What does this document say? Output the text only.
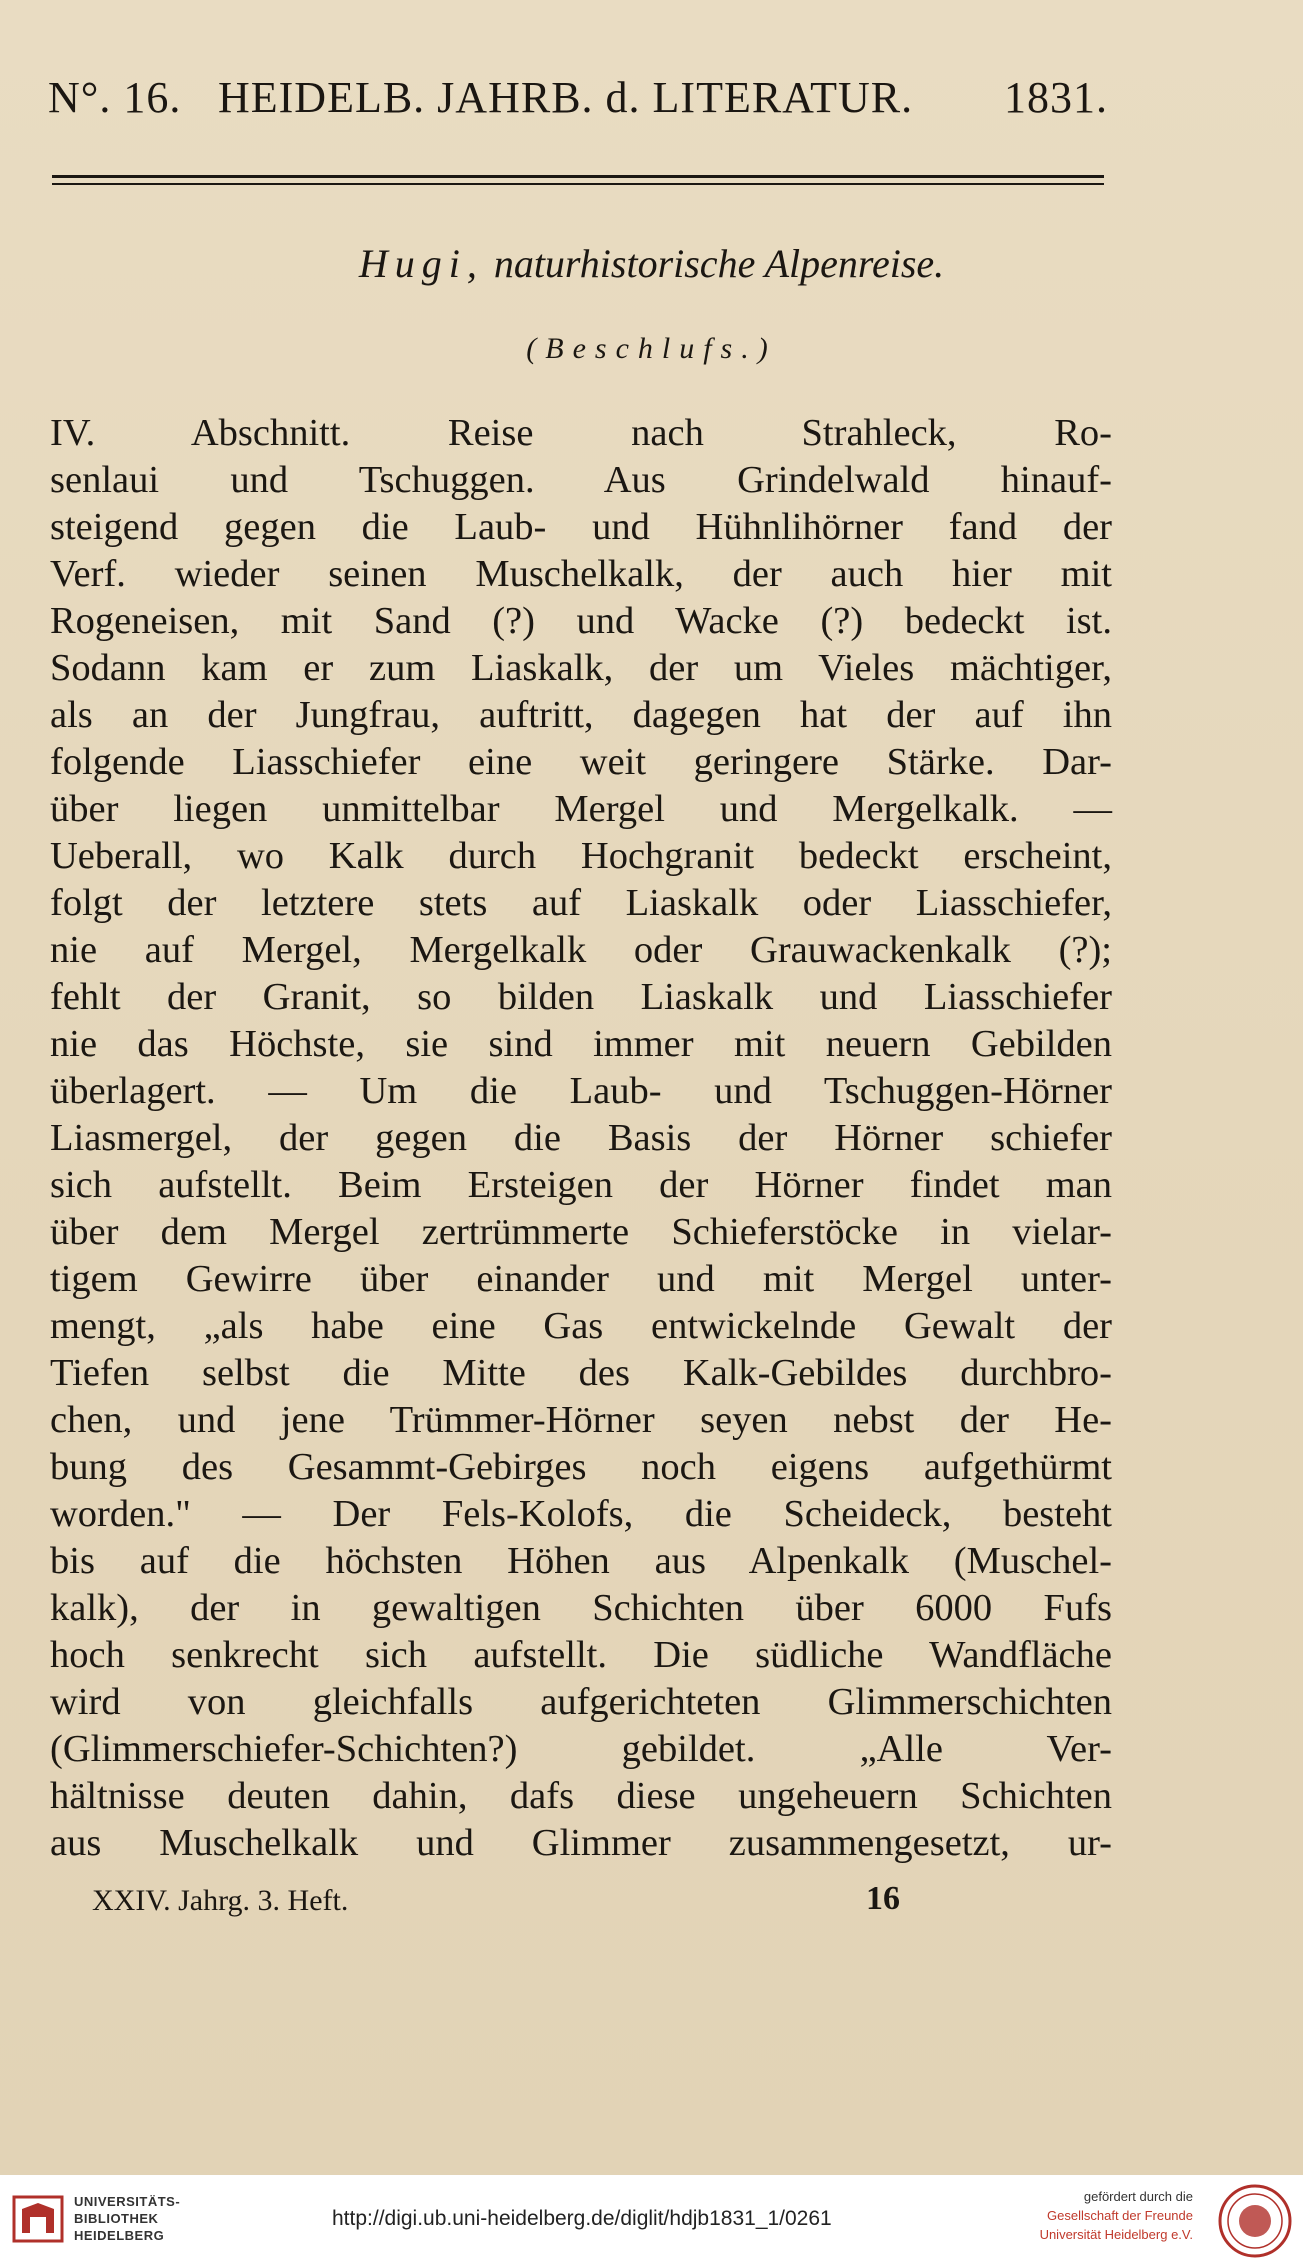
N°. 16. HEIDELB. JAHRB. d. LITERATUR. 1831.
Hugi, naturhistorische Alpenreise.
(Beschlufs.)
IV. Abschnitt. Reise nach Strahleck, Ro-
senlaui und Tschuggen. Aus Grindelwald hinauf-
steigend gegen die Laub- und Hühnlihörner fand der
Verf. wieder seinen Muschelkalk, der auch hier mit
Rogeneisen, mit Sand (?) und Wacke (?) bedeckt ist.
Sodann kam er zum Liaskalk, der um Vieles mächtiger,
als an der Jungfrau, auftritt, dagegen hat der auf ihn
folgende Liasschiefer eine weit geringere Stärke. Dar-
über liegen unmittelbar Mergel und Mergelkalk. —
Ueberall, wo Kalk durch Hochgranit bedeckt erscheint,
folgt der letztere stets auf Liaskalk oder Liasschiefer,
nie auf Mergel, Mergelkalk oder Grauwackenkalk (?);
fehlt der Granit, so bilden Liaskalk und Liasschiefer
nie das Höchste, sie sind immer mit neuern Gebilden
überlagert. — Um die Laub- und Tschuggen-Hörner
Liasmergel, der gegen die Basis der Hörner schiefer
sich aufstellt. Beim Ersteigen der Hörner findet man
über dem Mergel zertrümmerte Schieferstöcke in vielar-
tigem Gewirre über einander und mit Mergel unter-
mengt, „als habe eine Gas entwickelnde Gewalt der
Tiefen selbst die Mitte des Kalk-Gebildes durchbro-
chen, und jene Trümmer-Hörner seyen nebst der He-
bung des Gesammt-Gebirges noch eigens aufgethürmt
worden." — Der Fels-Kolofs, die Scheideck, besteht
bis auf die höchsten Höhen aus Alpenkalk (Muschel-
kalk), der in gewaltigen Schichten über 6000 Fufs
hoch senkrecht sich aufstellt. Die südliche Wandfläche
wird von gleichfalls aufgerichteten Glimmerschichten
(Glimmerschiefer-Schichten?) gebildet. „Alle Ver-
hältnisse deuten dahin, dafs diese ungeheuern Schichten
aus Muschelkalk und Glimmer zusammengesetzt, ur-
XXIV. Jahrg. 3. Heft.	16
UNIVERSITÄTS-
BIBLIOTHEK
HEIDELBERG
http://digi.ub.uni-heidelberg.de/diglit/hdjb1831_1/0261
gefördert durch die
Gesellschaft der Freunde
Universität Heidelberg e.V.
